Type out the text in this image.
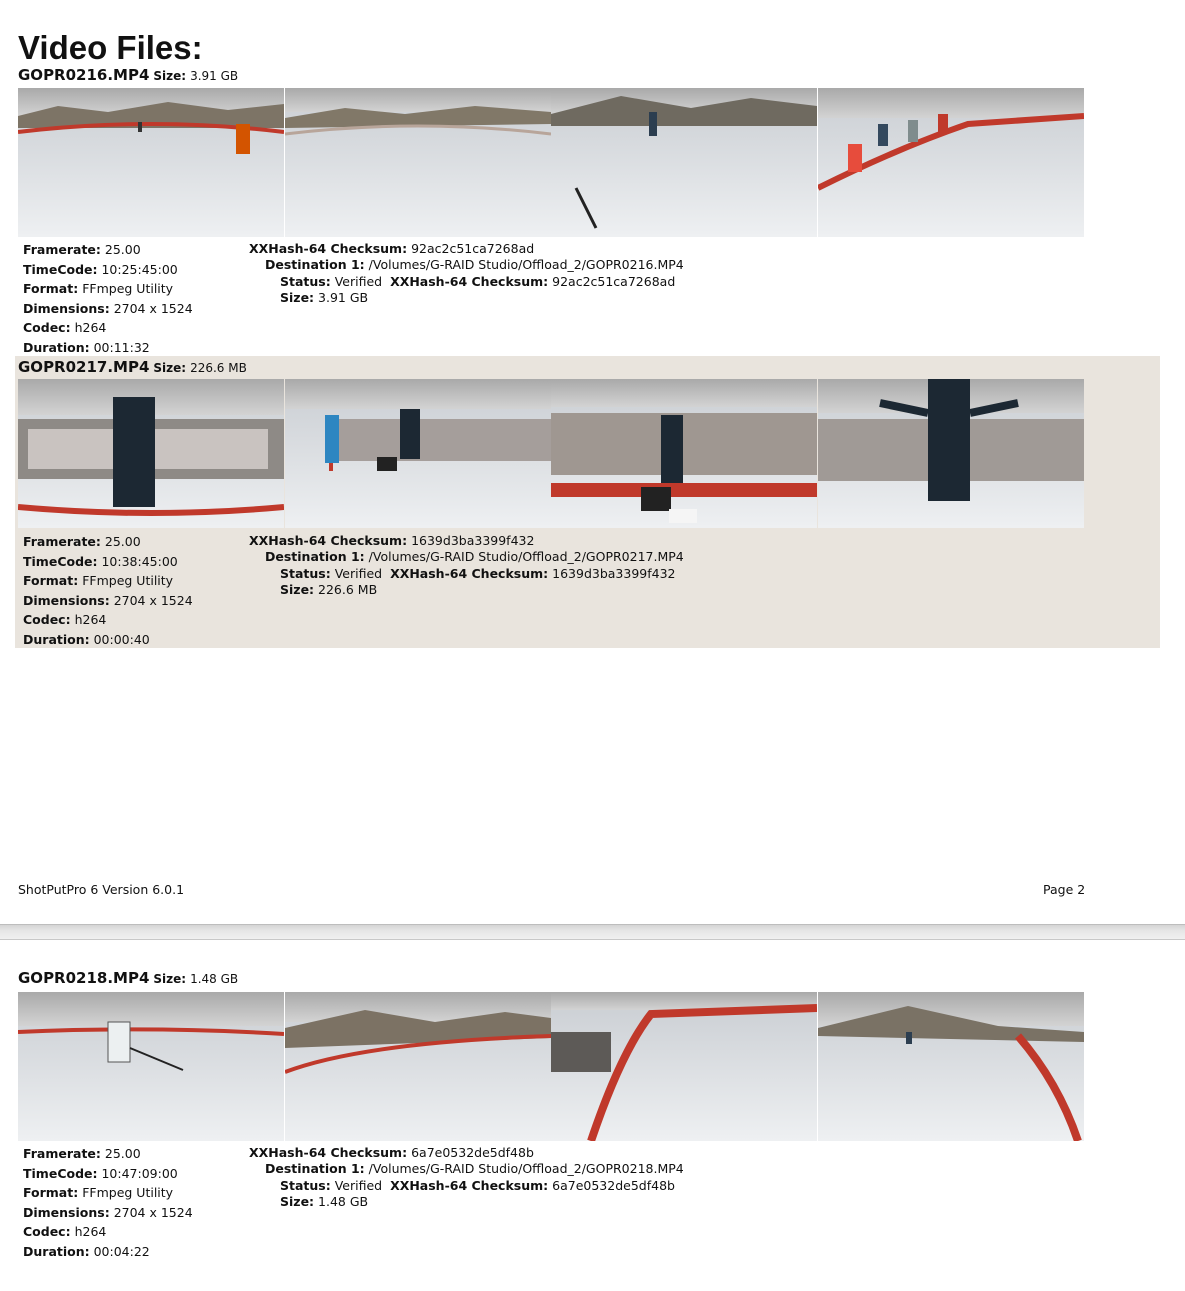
Video Files:
GOPR0216.MP4 Size: 3.91 GB
Framerate: 25.00
TimeCode: 10:25:45:00
Format: FFmpeg Utility
Dimensions: 2704 x 1524
Codec: h264
Duration: 00:11:32
XXHash-64 Checksum: 92ac2c51ca7268ad
Destination 1: /Volumes/G-RAID Studio/Offload_2/GOPR0216.MP4
Status: Verified XXHash-64 Checksum: 92ac2c51ca7268ad
Size: 3.91 GB
GOPR0217.MP4 Size: 226.6 MB
Framerate: 25.00
TimeCode: 10:38:45:00
Format: FFmpeg Utility
Dimensions: 2704 x 1524
Codec: h264
Duration: 00:00:40
XXHash-64 Checksum: 1639d3ba3399f432
Destination 1: /Volumes/G-RAID Studio/Offload_2/GOPR0217.MP4
Status: Verified XXHash-64 Checksum: 1639d3ba3399f432
Size: 226.6 MB
ShotPutPro 6 Version 6.0.1	Page 2
GOPR0218.MP4 Size: 1.48 GB
Framerate: 25.00
TimeCode: 10:47:09:00
Format: FFmpeg Utility
Dimensions: 2704 x 1524
Codec: h264
Duration: 00:04:22
XXHash-64 Checksum: 6a7e0532de5df48b
Destination 1: /Volumes/G-RAID Studio/Offload_2/GOPR0218.MP4
Status: Verified XXHash-64 Checksum: 6a7e0532de5df48b
Size: 1.48 GB
